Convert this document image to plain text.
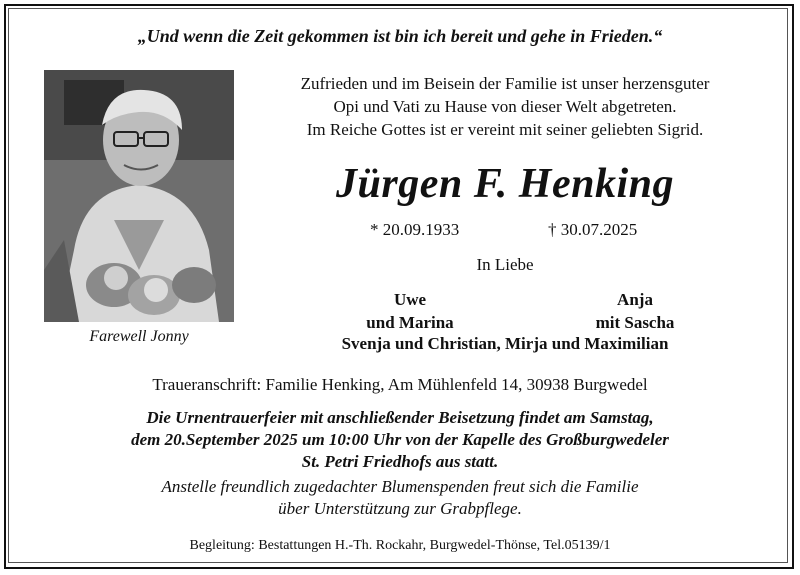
„Und wenn die Zeit gekommen ist bin ich bereit und gehe in Frieden.“
Farewell Jonny
Zufrieden und im Beisein der Familie ist unser herzensguter
Opi und Vati zu Hause von dieser Welt abgetreten.
Im Reiche Gottes ist er vereint mit seiner geliebten Sigrid.
Jürgen F. Henking
* 20.09.1933	† 30.07.2025
In Liebe
Uwe
und Marina
Anja
mit Sascha
Svenja und Christian, Mirja und Maximilian
Traueranschrift: Familie Henking, Am Mühlenfeld 14, 30938 Burgwedel
Die Urnentrauerfeier mit anschließender Beisetzung findet am Samstag,
dem 20.September 2025 um 10:00 Uhr von der Kapelle des Großburgwedeler
St. Petri Friedhofs aus statt.
Anstelle freundlich zugedachter Blumenspenden freut sich die Familie
über Unterstützung zur Grabpflege.
Begleitung: Bestattungen H.-Th. Rockahr, Burgwedel-Thönse, Tel.05139/1
